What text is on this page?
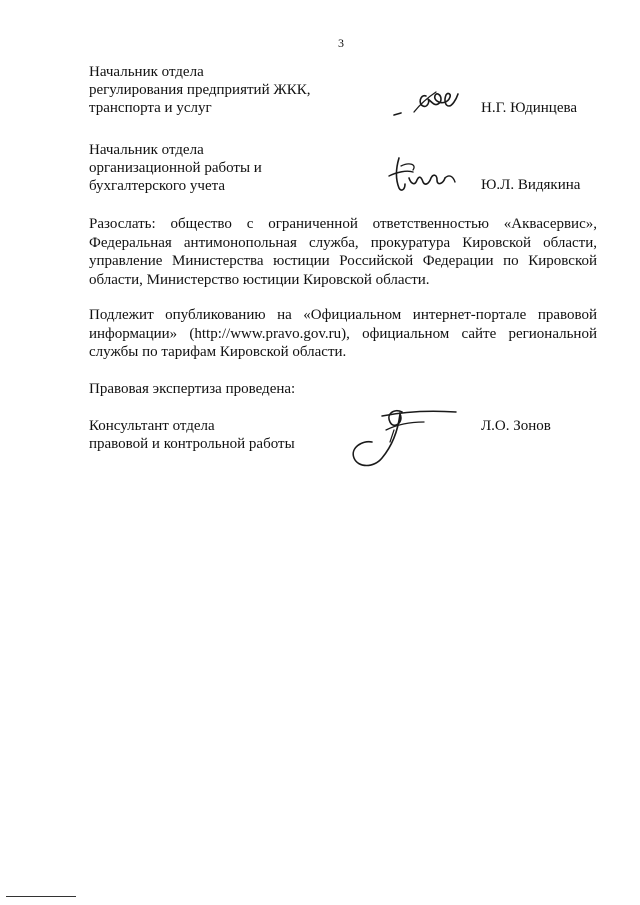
3
Начальник отдела
регулирования предприятий ЖКК,
транспорта и услуг	Н.Г. Юдинцева
Начальник отдела
организационной работы и
бухгалтерского учета	Ю.Л. Видякина
Разослать: общество с ограниченной ответственностью «Аквасервис», Федеральная антимонопольная служба, прокуратура Кировской области, управление Министерства юстиции Российской Федерации по Кировской области, Министерство юстиции Кировской области.
Подлежит опубликованию на «Официальном интернет-портале правовой информации» (http://www.pravo.gov.ru), официальном сайте региональной службы по тарифам Кировской области.
Правовая экспертиза проведена:
Консультант отдела
правовой и контрольной работы
Л.О. Зонов
